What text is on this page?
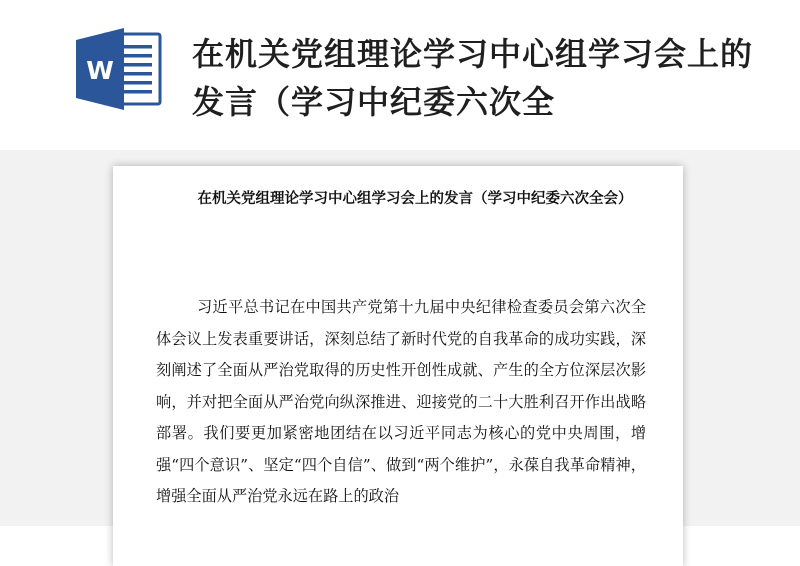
W 在机关党组理论学习中心组学习会上的发言（学习中纪委六次全
在机关党组理论学习中心组学习会上的发言（学习中纪委六次全会）

习近平总书记在中国共产党第十九届中央纪律检查委员会第六次全体会议上发表重要讲话，深刻总结了新时代党的自我革命的成功实践，深刻阐述了全面从严治党取得的历史性开创性成就、产生的全方位深层次影响，并对把全面从严治党向纵深推进、迎接党的二十大胜利召开作出战略部署。我们要更加紧密地团结在以习近平同志为核心的党中央周围，增强“四个意识”、坚定“四个自信”、做到“两个维护”，永葆自我革命精神，增强全面从严治党永远在路上的政治
